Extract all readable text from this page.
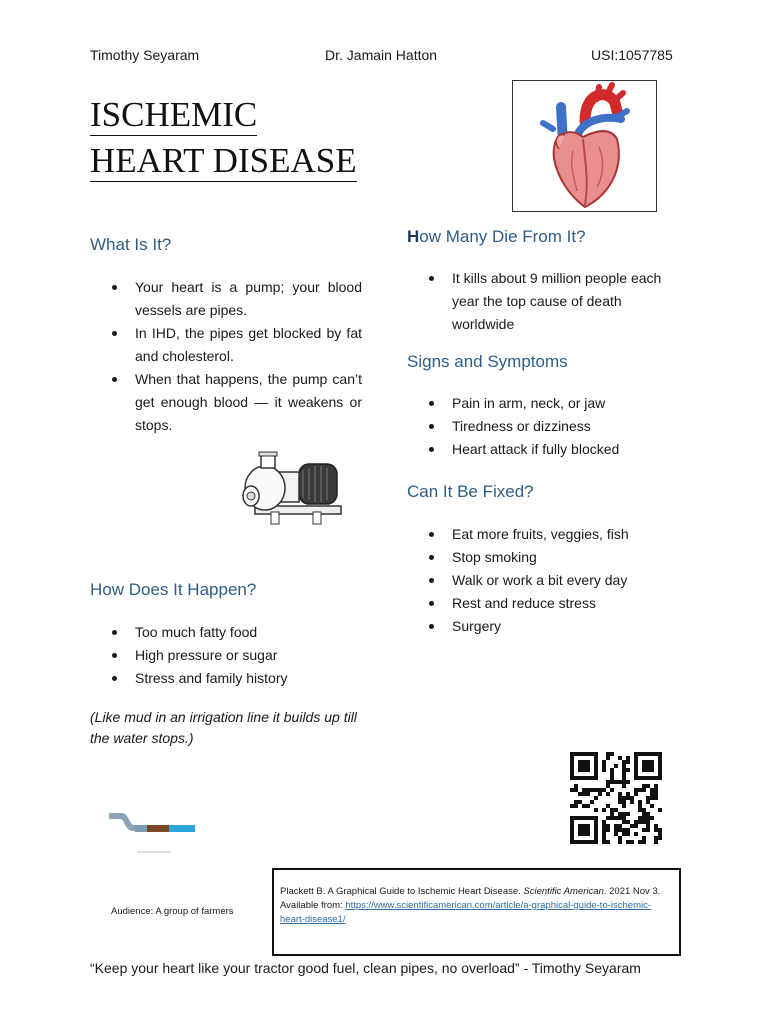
Timothy Seyaram	Dr. Jamain Hatton	USI:1057785
ISCHEMIC
HEART DISEASE
What Is It?
Your heart is a pump; your blood vessels are pipes.
In IHD, the pipes get blocked by fat and cholesterol.
When that happens, the pump can’t get enough blood — it weakens or stops.
How Does It Happen?
Too much fatty food
High pressure or sugar
Stress and family history
(Like mud in an irrigation line it builds up till the water stops.)
How Many Die From It?
It kills about 9 million people each year the top cause of death worldwide
Signs and Symptoms
Pain in arm, neck, or jaw
Tiredness or dizziness
Heart attack if fully blocked
Can It Be Fixed?
Eat more fruits, veggies, fish
Stop smoking
Walk or work a bit every day
Rest and reduce stress
Surgery
Audience: A group of farmers
Plackett B. A Graphical Guide to Ischemic Heart Disease. Scientific American. 2021 Nov 3. Available from: https://www.scientificamerican.com/article/a-graphical-guide-to-ischemic-heart-disease1/
“Keep your heart like your tractor good fuel, clean pipes, no overload” - Timothy Seyaram
